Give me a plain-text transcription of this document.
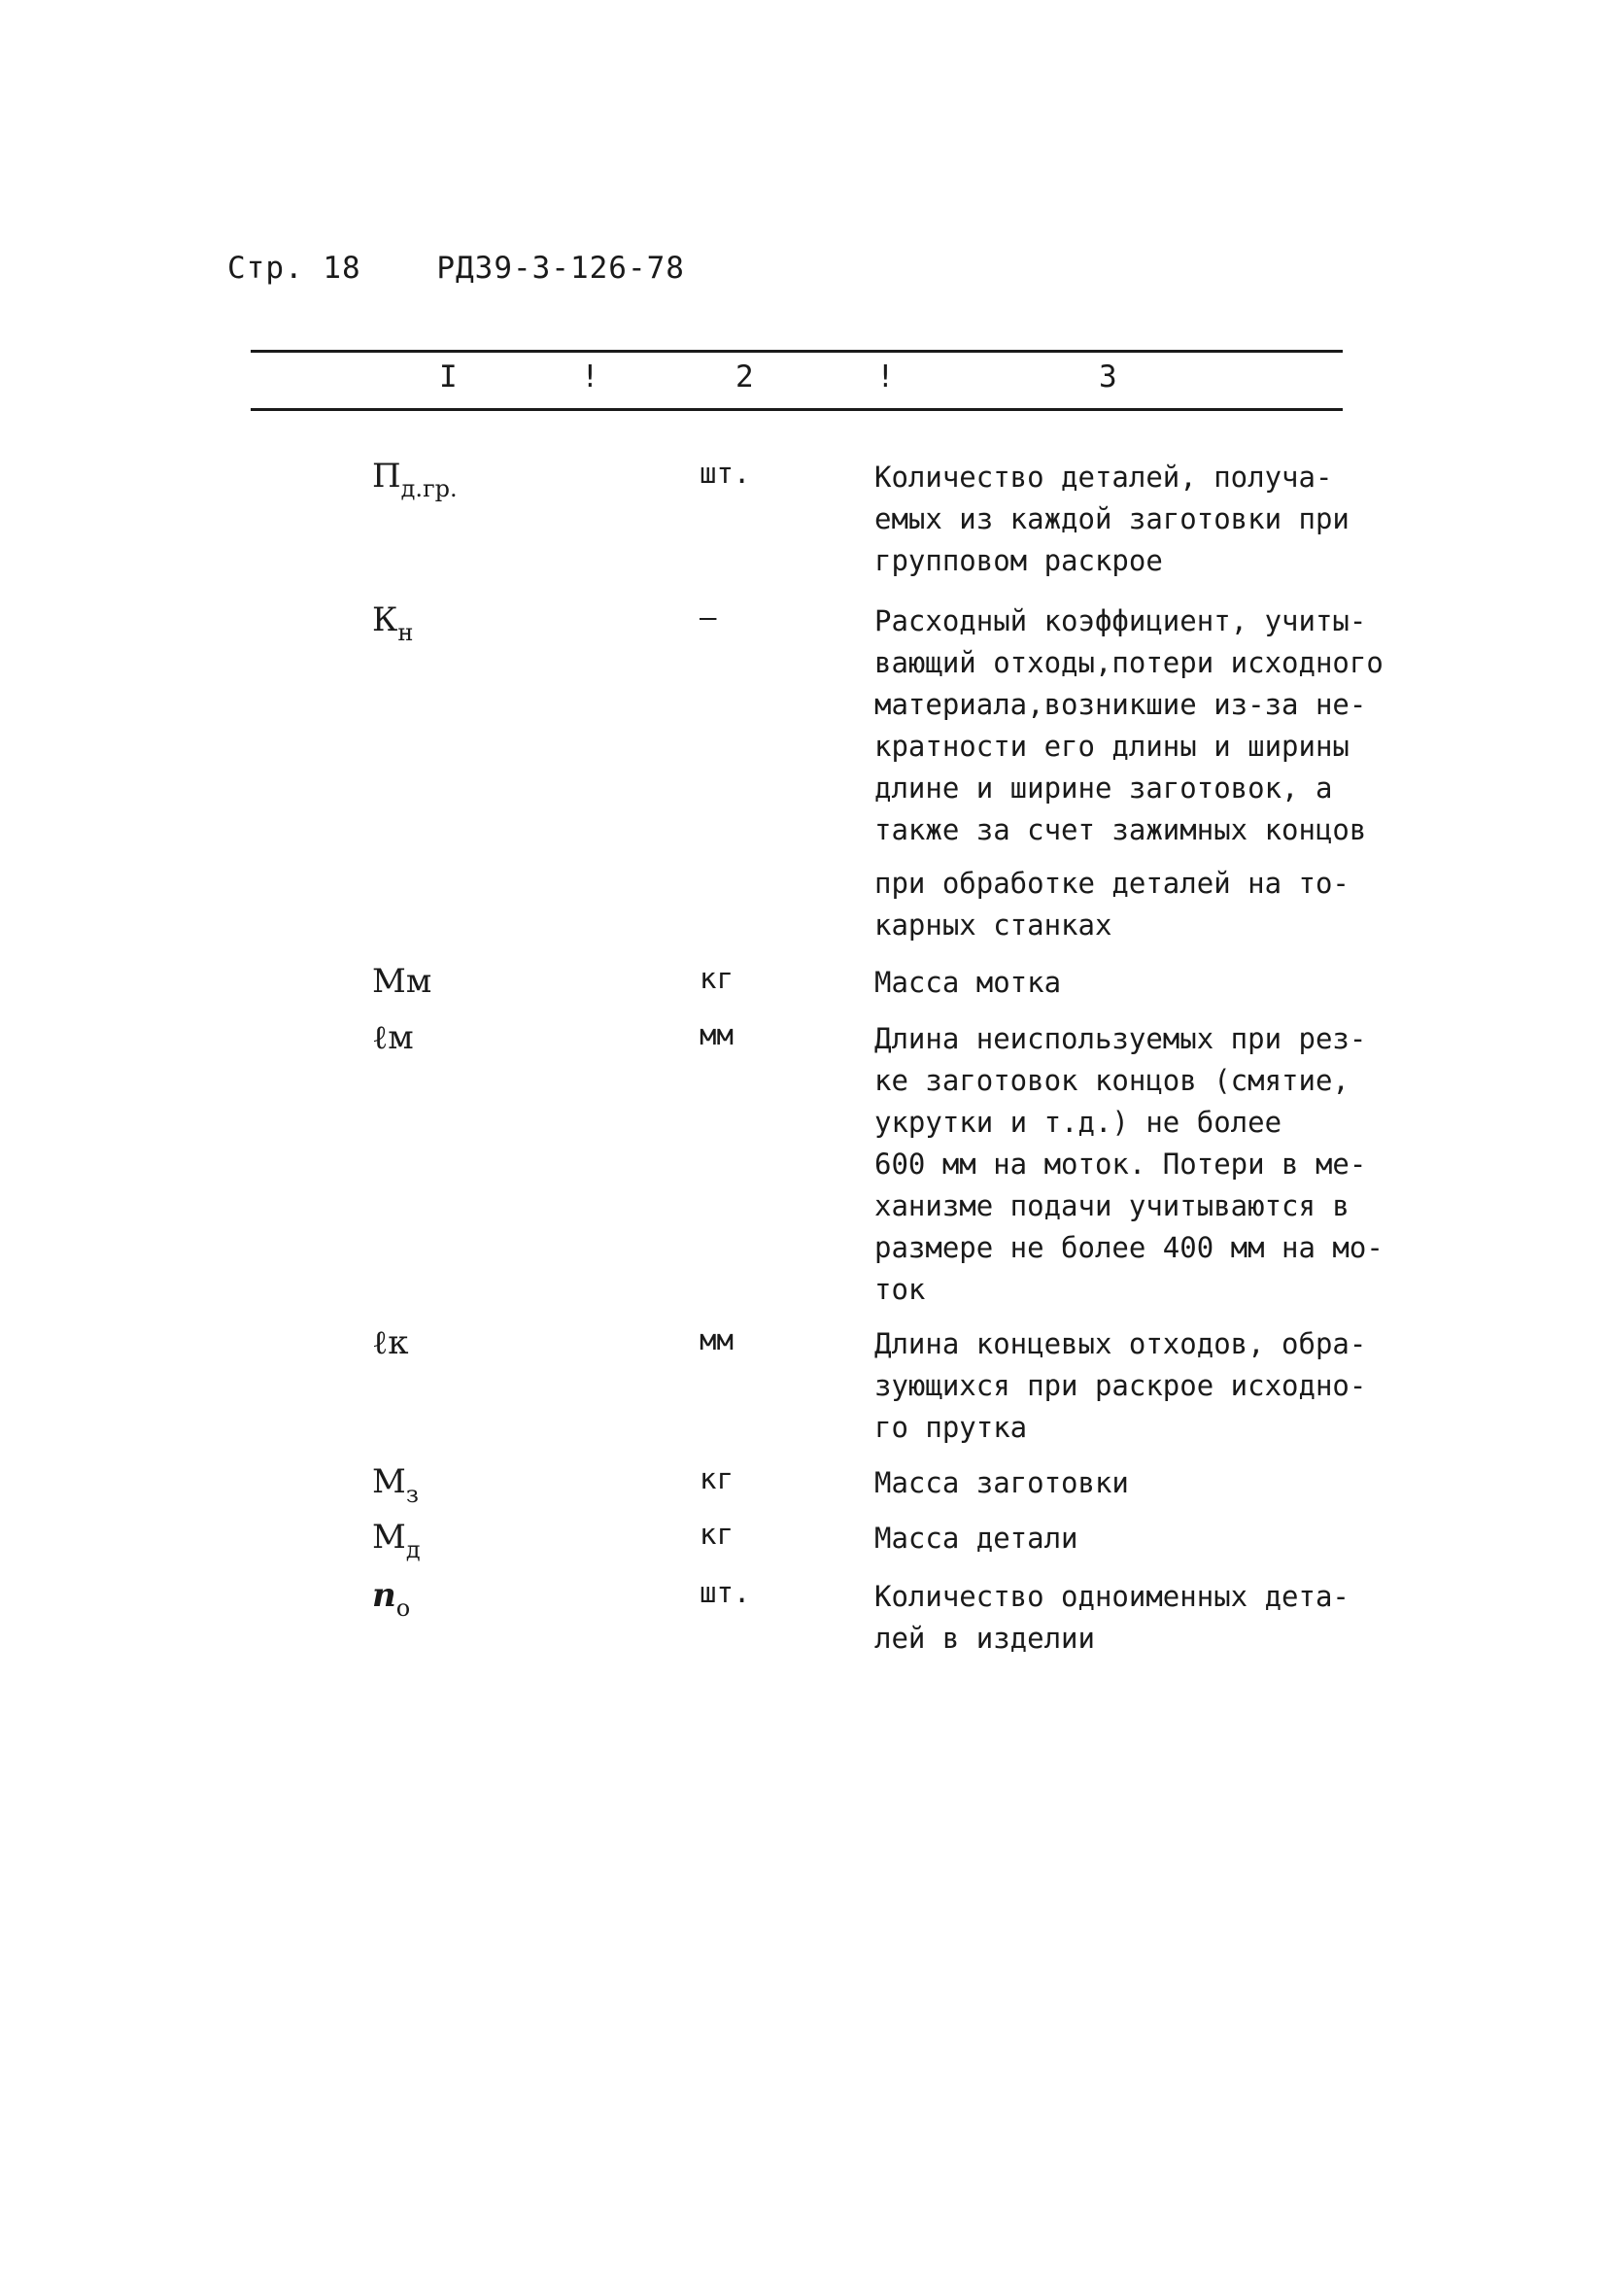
Стр. 18	РД39-3-126-78
I	!	2	!	3
$П_{д.гр.}$	шт.	Количество деталей, получа-
емых из каждой заготовки при
групповом раскрое
$К_н$	–	Расходный коэффициент, учиты-
вающий отходы,потери исходного
материала,возникшие из-за не-
кратности его длины и ширины
длине и ширине заготовок, а
также за счет зажимных концов
при обработке деталей на то-
карных станках
Мм	кг	Масса мотка
ℓм	мм	Длина неиспользуемых при рез-
ке заготовок концов (смятие,
укрутки и т.д.) не более
600 мм на моток. Потери в ме-
ханизме подачи учитываются в
размере не более 400 мм на мо-
ток
ℓк	мм	Длина концевых отходов, обра-
зующихся при раскрое исходно-
го прутка
$М_з$	кг	Масса заготовки
$М_д$	кг	Масса детали
$n_о$	шт.	Количество одноименных дета-
лей в изделии
